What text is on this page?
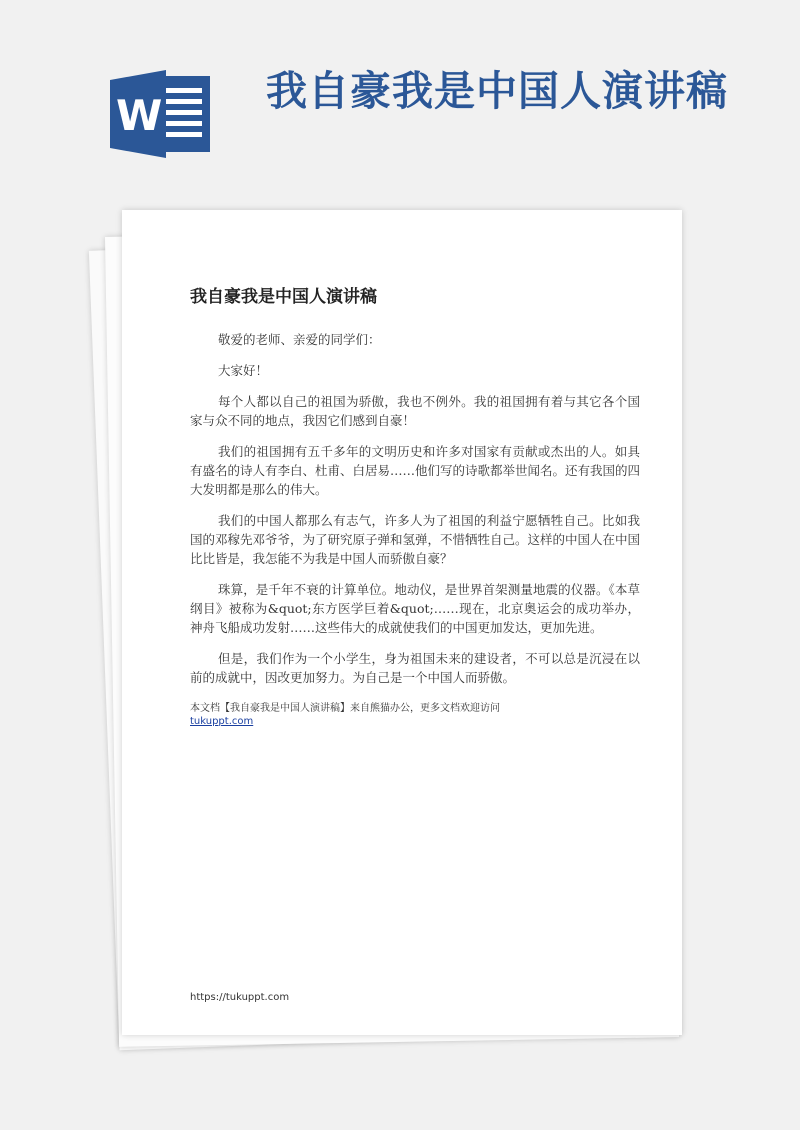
W	我自豪我是中国人演讲稿
我自豪我是中国人演讲稿

敬爱的老师、亲爱的同学们：

大家好！

每个人都以自己的祖国为骄傲，我也不例外。我的祖国拥有着与其它各个国家与众不同的地点，我因它们感到自豪！

我们的祖国拥有五千多年的文明历史和许多对国家有贡献或杰出的人。如具有盛名的诗人有李白、杜甫、白居易……他们写的诗歌都举世闻名。还有我国的四大发明都是那么的伟大。

我们的中国人都那么有志气，许多人为了祖国的利益宁愿牺牲自己。比如我国的邓稼先邓爷爷，为了研究原子弹和氢弹，不惜牺牲自己。这样的中国人在中国比比皆是，我怎能不为我是中国人而骄傲自豪？

珠算，是千年不衰的计算单位。地动仪，是世界首架测量地震的仪器。《本草纲目》被称为&quot;东方医学巨着&quot;……现在，北京奥运会的成功举办，神舟飞船成功发射……这些伟大的成就使我们的中国更加发达，更加先进。

但是，我们作为一个小学生，身为祖国未来的建设者，不可以总是沉浸在以前的成就中，因改更加努力。为自己是一个中国人而骄傲。

本文档【我自豪我是中国人演讲稿】来自熊猫办公，更多文档欢迎访问

tukuppt.com
https://tukuppt.com
